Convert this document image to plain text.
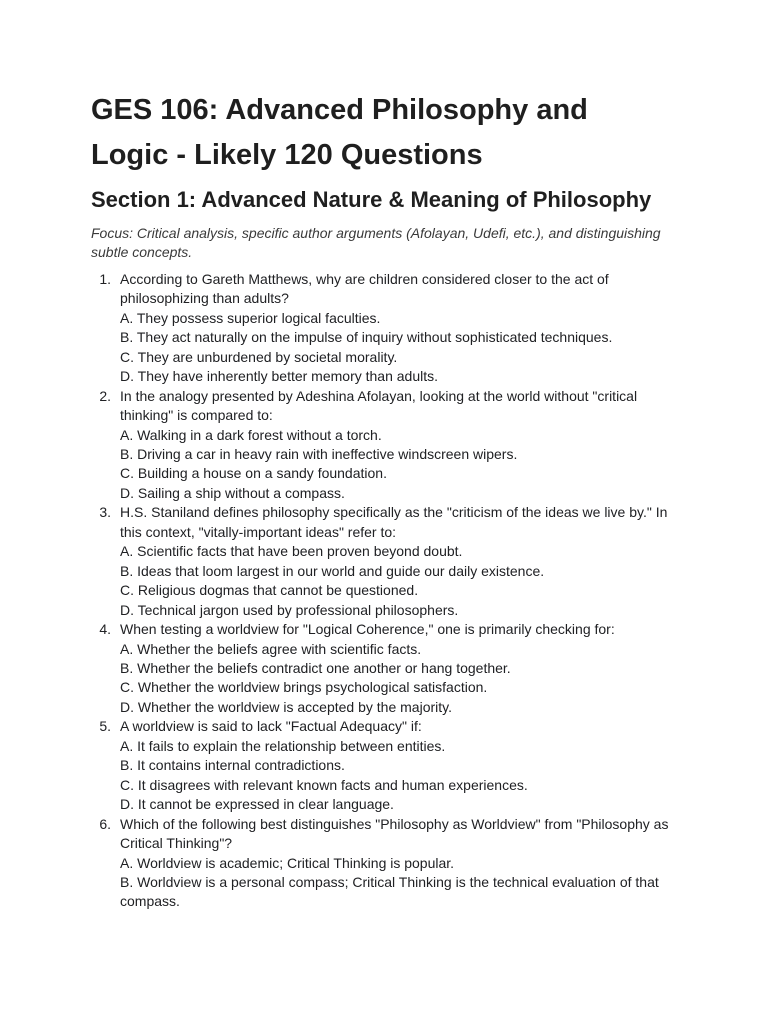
GES 106: Advanced Philosophy and Logic - Likely 120 Questions
Section 1: Advanced Nature & Meaning of Philosophy

Focus: Critical analysis, specific author arguments (Afolayan, Udefi, etc.), and distinguishing subtle concepts.

1. According to Gareth Matthews, why are children considered closer to the act of philosophizing than adults?
A. They possess superior logical faculties.
B. They act naturally on the impulse of inquiry without sophisticated techniques.
C. They are unburdened by societal morality.
D. They have inherently better memory than adults.
2. In the analogy presented by Adeshina Afolayan, looking at the world without "critical thinking" is compared to:
A. Walking in a dark forest without a torch.
B. Driving a car in heavy rain with ineffective windscreen wipers.
C. Building a house on a sandy foundation.
D. Sailing a ship without a compass.
3. H.S. Staniland defines philosophy specifically as the "criticism of the ideas we live by." In this context, "vitally-important ideas" refer to:
A. Scientific facts that have been proven beyond doubt.
B. Ideas that loom largest in our world and guide our daily existence.
C. Religious dogmas that cannot be questioned.
D. Technical jargon used by professional philosophers.
4. When testing a worldview for "Logical Coherence," one is primarily checking for:
A. Whether the beliefs agree with scientific facts.
B. Whether the beliefs contradict one another or hang together.
C. Whether the worldview brings psychological satisfaction.
D. Whether the worldview is accepted by the majority.
5. A worldview is said to lack "Factual Adequacy" if:
A. It fails to explain the relationship between entities.
B. It contains internal contradictions.
C. It disagrees with relevant known facts and human experiences.
D. It cannot be expressed in clear language.
6. Which of the following best distinguishes "Philosophy as Worldview" from "Philosophy as Critical Thinking"?
A. Worldview is academic; Critical Thinking is popular.
B. Worldview is a personal compass; Critical Thinking is the technical evaluation of that compass.
